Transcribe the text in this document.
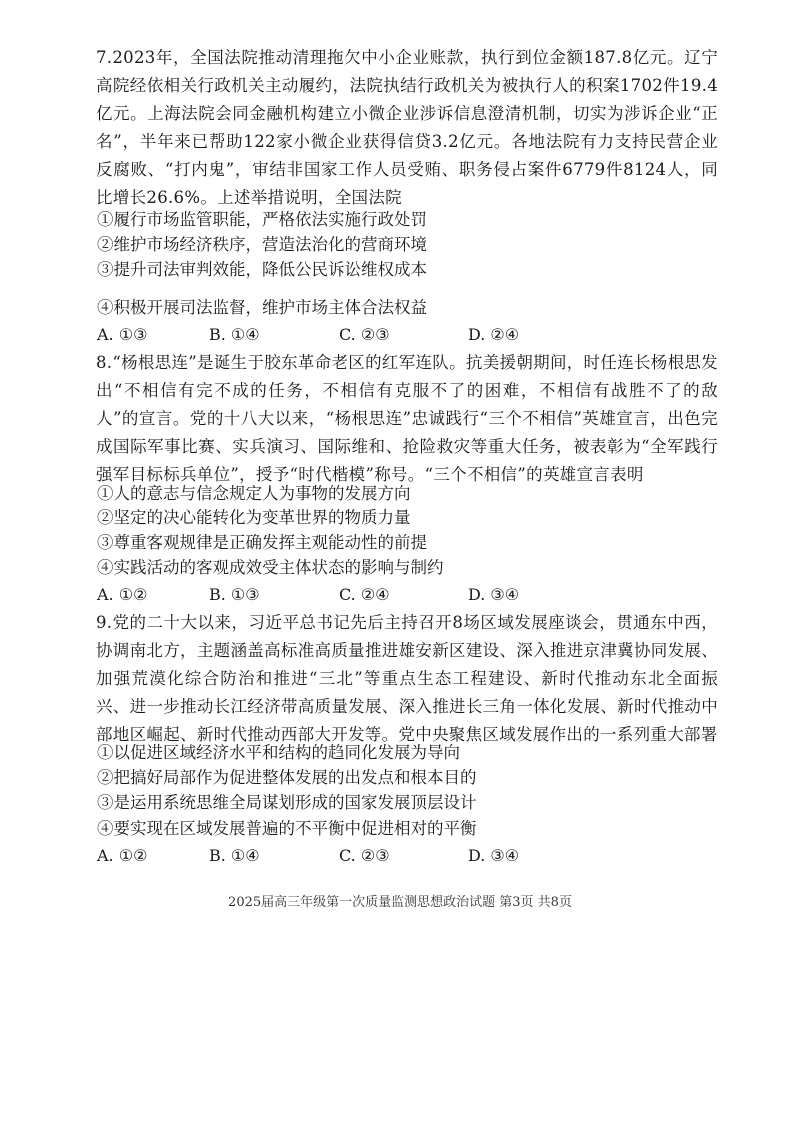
7.2023年，全国法院推动清理拖欠中小企业账款，执行到位金额187.8亿元。辽宁高院经依相关行政机关主动履约，法院执结行政机关为被执行人的积案1702件19.4亿元。上海法院会同金融机构建立小微企业涉诉信息澄清机制，切实为涉诉企业“正名”，半年来已帮助122家小微企业获得信贷3.2亿元。各地法院有力支持民营企业反腐败、“打内鬼”，审结非国家工作人员受贿、职务侵占案件6779件8124人，同比增长26.6%。上述举措说明，全国法院

①履行市场监管职能，严格依法实施行政处罚
②维护市场经济秩序，营造法治化的营商环境
③提升司法审判效能，降低公民诉讼维权成本
④积极开展司法监督，维护市场主体合法权益
A. ①③	B. ①④	C. ②③	D. ②④

8.“杨根思连”是诞生于胶东革命老区的红军连队。抗美援朝期间，时任连长杨根思发出“不相信有完不成的任务，不相信有克服不了的困难，不相信有战胜不了的敌人”的宣言。党的十八大以来，“杨根思连”忠诚践行“三个不相信”英雄宣言，出色完成国际军事比赛、实兵演习、国际维和、抢险救灾等重大任务，被表彰为“全军践行强军目标标兵单位”，授予“时代楷模”称号。“三个不相信”的英雄宣言表明

①人的意志与信念规定人为事物的发展方向
②坚定的决心能转化为变革世界的物质力量
③尊重客观规律是正确发挥主观能动性的前提
④实践活动的客观成效受主体状态的影响与制约
A. ①②	B. ①③	C. ②④	D. ③④

9.党的二十大以来，习近平总书记先后主持召开8场区域发展座谈会，贯通东中西，协调南北方，主题涵盖高标准高质量推进雄安新区建设、深入推进京津冀协同发展、加强荒漠化综合防治和推进“三北”等重点生态工程建设、新时代推动东北全面振兴、进一步推动长江经济带高质量发展、深入推进长三角一体化发展、新时代推动中部地区崛起、新时代推动西部大开发等。党中央聚焦区域发展作出的一系列重大部署

①以促进区域经济水平和结构的趋同化发展为导向
②把搞好局部作为促进整体发展的出发点和根本目的
③是运用系统思维全局谋划形成的国家发展顶层设计
④要实现在区域发展普遍的不平衡中促进相对的平衡
A. ①②	B. ①④	C. ②③	D. ③④
2025届高三年级第一次质量监测思想政治试题 第3页 共8页
